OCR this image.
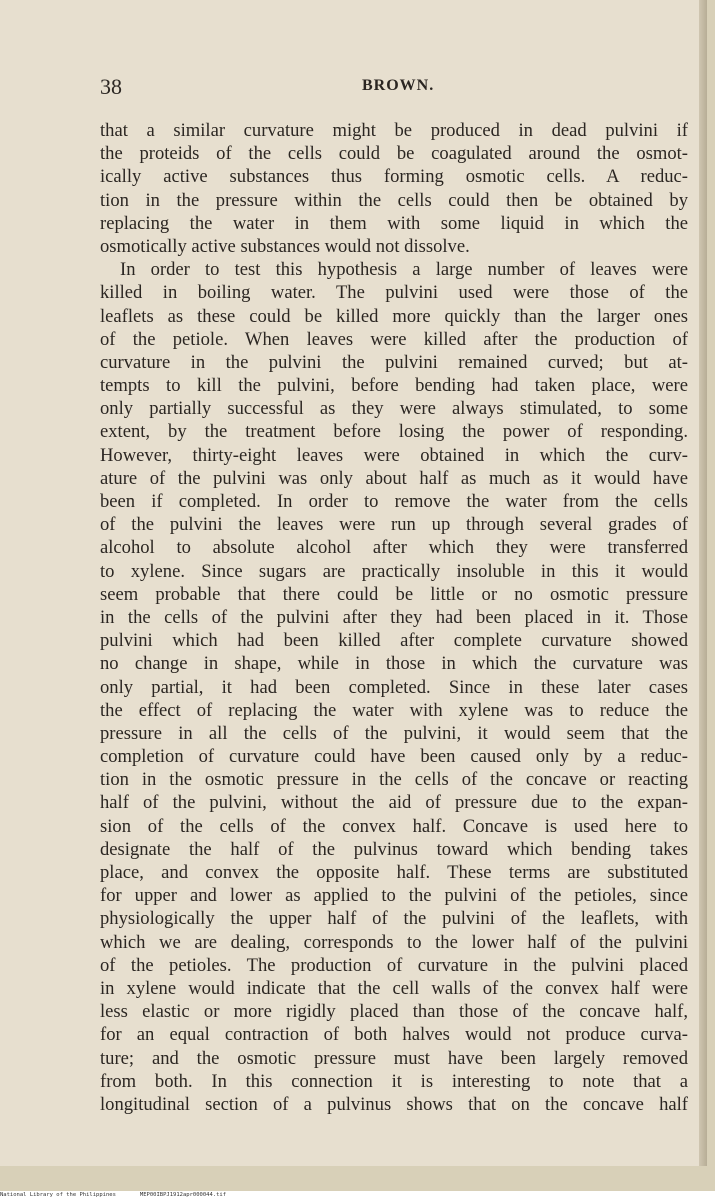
38	BROWN.
that a similar curvature might be produced in dead pulvini if
the proteids of the cells could be coagulated around the osmot-
ically active substances thus forming osmotic cells. A reduc-
tion in the pressure within the cells could then be obtained by
replacing the water in them with some liquid in which the
osmotically active substances would not dissolve.
In order to test this hypothesis a large number of leaves were
killed in boiling water. The pulvini used were those of the
leaflets as these could be killed more quickly than the larger ones
of the petiole. When leaves were killed after the production of
curvature in the pulvini the pulvini remained curved; but at-
tempts to kill the pulvini, before bending had taken place, were
only partially successful as they were always stimulated, to some
extent, by the treatment before losing the power of responding.
However, thirty-eight leaves were obtained in which the curv-
ature of the pulvini was only about half as much as it would have
been if completed. In order to remove the water from the cells
of the pulvini the leaves were run up through several grades of
alcohol to absolute alcohol after which they were transferred
to xylene. Since sugars are practically insoluble in this it would
seem probable that there could be little or no osmotic pressure
in the cells of the pulvini after they had been placed in it. Those
pulvini which had been killed after complete curvature showed
no change in shape, while in those in which the curvature was
only partial, it had been completed. Since in these later cases
the effect of replacing the water with xylene was to reduce the
pressure in all the cells of the pulvini, it would seem that the
completion of curvature could have been caused only by a reduc-
tion in the osmotic pressure in the cells of the concave or reacting
half of the pulvini, without the aid of pressure due to the expan-
sion of the cells of the convex half. Concave is used here to
designate the half of the pulvinus toward which bending takes
place, and convex the opposite half. These terms are substituted
for upper and lower as applied to the pulvini of the petioles, since
physiologically the upper half of the pulvini of the leaflets, with
which we are dealing, corresponds to the lower half of the pulvini
of the petioles. The production of curvature in the pulvini placed
in xylene would indicate that the cell walls of the convex half were
less elastic or more rigidly placed than those of the concave half,
for an equal contraction of both halves would not produce curva-
ture; and the osmotic pressure must have been largely removed
from both. In this connection it is interesting to note that a
longitudinal section of a pulvinus shows that on the concave half
National Library of the Philippines	MEP00IBPJ1912apr000044.tif
